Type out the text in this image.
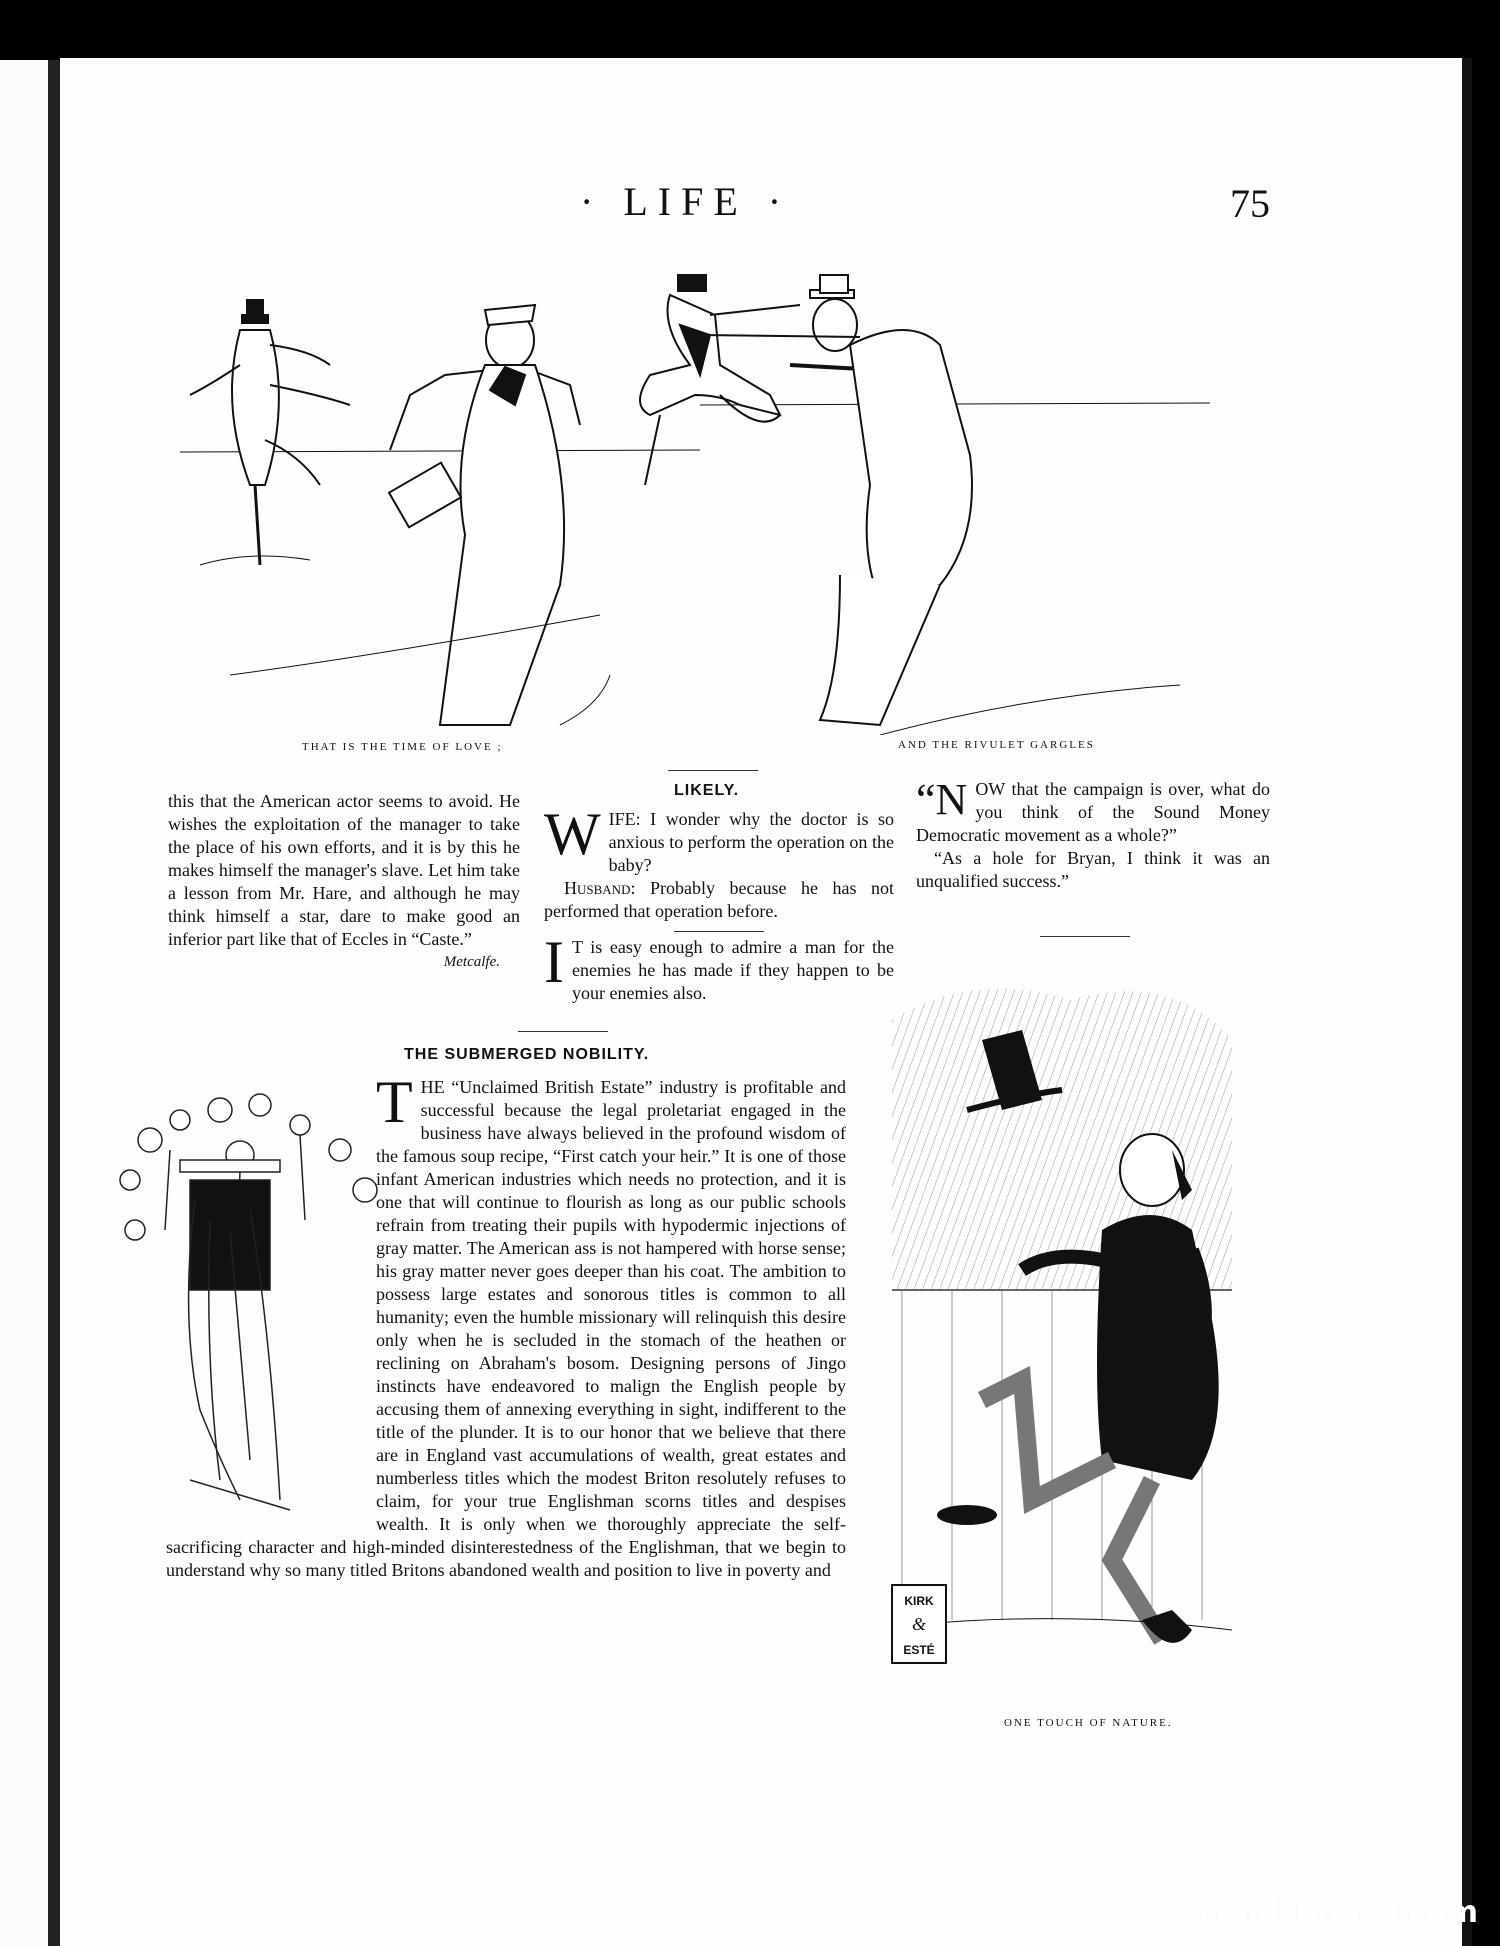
· LIFE ·	75
THAT IS THE TIME OF LOVE ;	AND THE RIVULET GARGLES

this that the American actor seems to avoid. He wishes the exploitation of the manager to take the place of his own efforts, and it is by this he makes himself the manager's slave. Let him take a lesson from Mr. Hare, and although he may think himself a star, dare to make good an inferior part like that of Eccles in “Caste.”

Metcalfe.

LIKELY.

WIFE: I wonder why the doctor is so anxious to perform the operation on the baby?

Husband: Probably because he has not performed that operation before.

I T is easy enough to admire a man for the enemies he has made if they happen to be your enemies also.

“NOW that the campaign is over, what do you think of the Sound Money Democratic movement as a whole?”

“As a hole for Bryan, I think it was an unqualified success.”

THE SUBMERGED NOBILITY.

THE “Unclaimed British Estate” industry is profitable and successful because the legal proletariat engaged in the business have always believed in the profound wisdom of the famous soup recipe, “First catch your heir.” It is one of those infant American industries which needs no protection, and it is one that will continue to flourish as long as our public schools refrain from treating their pupils with hypodermic injections of gray matter. The American ass is not hampered with horse sense; his gray matter never goes deeper than his coat. The ambition to possess large estates and sonorous titles is common to all humanity; even the humble missionary will relinquish this desire only when he is secluded in the stomach of the heathen or reclining on Abraham's bosom. Designing persons of Jingo instincts have endeavored to malign the English people by accusing them of annexing everything in sight, indifferent to the title of the plunder. It is to our honor that we believe that there are in England vast accumulations of wealth, great estates and numberless titles which the modest Briton resolutely refuses to claim, for your true Englishman scorns titles and despises wealth. It is only when we thoroughly appreciate the self-sacrificing character and high-minded disinterestedness of the Englishman, that we begin to understand why so many titled Britons abandoned wealth and position to live in poverty and

KIRK
&
ESTÉ
ONE TOUCH OF NATURE.
comicbooks.com
